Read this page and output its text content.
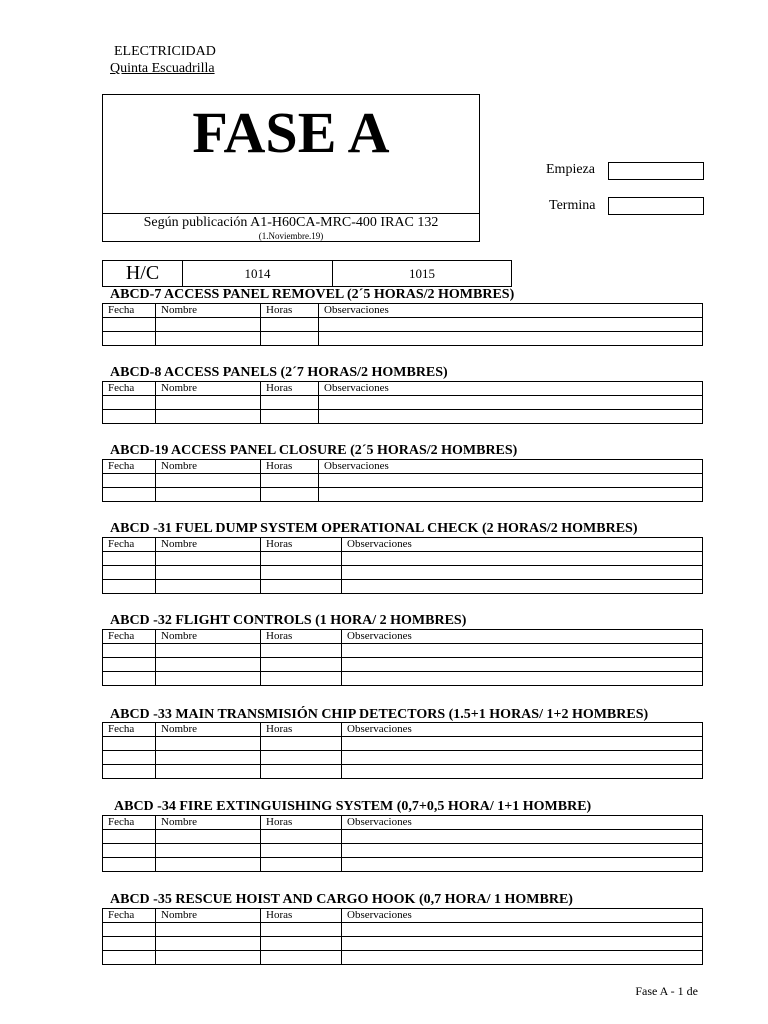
ELECTRICIDAD
Quinta Escuadrilla
FASE A
Según publicación A1-H60CA-MRC-400 IRAC 132
(1.Noviembre.19)
Empieza
Termina
H/C	1014	1015
ABCD-7 ACCESS PANEL REMOVEL (2´5 HORAS/2 HOMBRES)
Fecha	Nombre	Horas	Observaciones

ABCD-8 ACCESS PANELS (2´7 HORAS/2 HOMBRES)
Fecha	Nombre	Horas	Observaciones

ABCD-19 ACCESS PANEL CLOSURE (2´5 HORAS/2 HOMBRES)
Fecha	Nombre	Horas	Observaciones

ABCD -31 FUEL DUMP SYSTEM OPERATIONAL CHECK (2 HORAS/2 HOMBRES)
Fecha	Nombre	Horas	Observaciones

ABCD -32 FLIGHT CONTROLS (1 HORA/ 2 HOMBRES)
Fecha	Nombre	Horas	Observaciones

ABCD -33 MAIN TRANSMISIÓN CHIP DETECTORS (1.5+1 HORAS/ 1+2 HOMBRES)
Fecha	Nombre	Horas	Observaciones

ABCD -34 FIRE EXTINGUISHING SYSTEM (0,7+0,5 HORA/ 1+1 HOMBRE)
Fecha	Nombre	Horas	Observaciones

ABCD -35 RESCUE HOIST AND CARGO HOOK (0,7 HORA/ 1 HOMBRE)
Fecha	Nombre	Horas	Observaciones

Fase A - 1 de
